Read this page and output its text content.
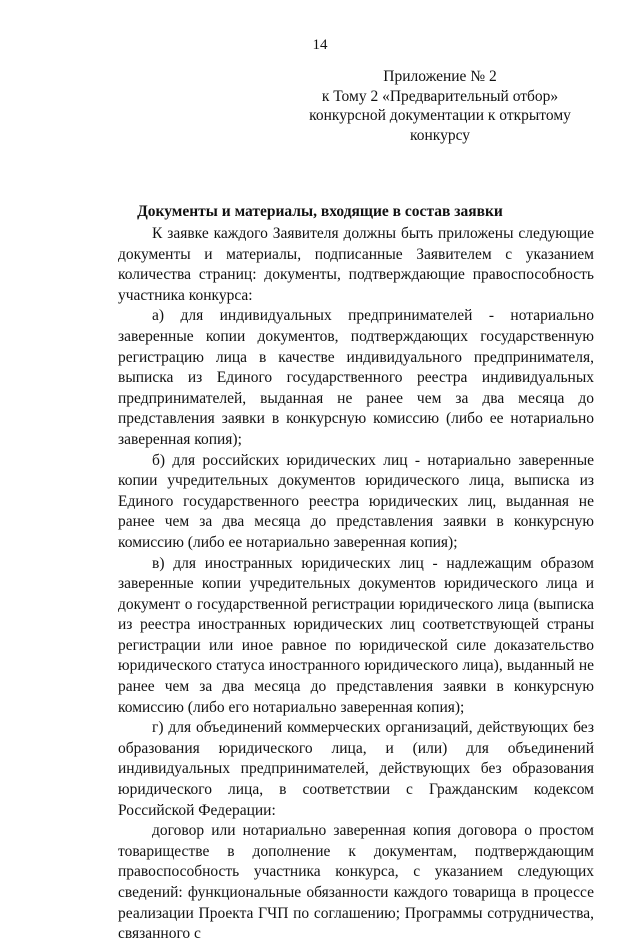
14
Приложение № 2
к Тому 2 «Предварительный отбор»
конкурсной документации к открытому
конкурсу
Документы и материалы, входящие в состав заявки

К заявке каждого Заявителя должны быть приложены следующие документы и материалы, подписанные Заявителем с указанием количества страниц: документы, подтверждающие правоспособность участника конкурса:

а) для индивидуальных предпринимателей - нотариально заверенные копии документов, подтверждающих государственную регистрацию лица в качестве индивидуального предпринимателя, выписка из Единого государственного реестра индивидуальных предпринимателей, выданная не ранее чем за два месяца до представления заявки в конкурсную комиссию (либо ее нотариально заверенная копия);

б) для российских юридических лиц - нотариально заверенные копии учредительных документов юридического лица, выписка из Единого государственного реестра юридических лиц, выданная не ранее чем за два месяца до представления заявки в конкурсную комиссию (либо ее нотариально заверенная копия);

в) для иностранных юридических лиц - надлежащим образом заверенные копии учредительных документов юридического лица и документ о государственной регистрации юридического лица (выписка из реестра иностранных юридических лиц соответствующей страны регистрации или иное равное по юридической силе доказательство юридического статуса иностранного юридического лица), выданный не ранее чем за два месяца до представления заявки в конкурсную комиссию (либо его нотариально заверенная копия);

г) для объединений коммерческих организаций, действующих без образования юридического лица, и (или) для объединений индивидуальных предпринимателей, действующих без образования юридического лица, в соответствии с Гражданским кодексом Российской Федерации:

договор или нотариально заверенная копия договора о простом товариществе в дополнение к документам, подтверждающим правоспособность участника конкурса, с указанием следующих сведений: функциональные обязанности каждого товарища в процессе реализации Проекта ГЧП по соглашению; Программы сотрудничества, связанного с
